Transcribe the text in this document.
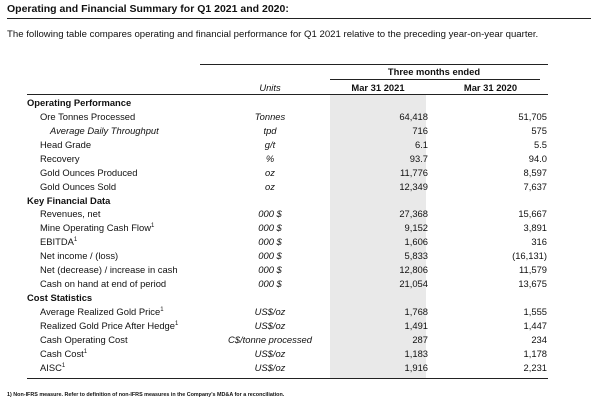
Operating and Financial Summary for Q1 2021 and 2020:
The following table compares operating and financial performance for Q1 2021 relative to the preceding year-on-year quarter.
Three months ended
Units	Mar 31 2021	Mar 31 2020
Operating Performance			
Ore Tonnes Processed	Tonnes	64,418	51,705
Average Daily Throughput	tpd	716	575
Head Grade	g/t	6.1	5.5
Recovery	%	93.7	94.0
Gold Ounces Produced	oz	11,776	8,597
Gold Ounces Sold	oz	12,349	7,637
Key Financial Data			
Revenues, net	000 $	27,368	15,667
Mine Operating Cash Flow$^1$	000 $	9,152	3,891
EBITDA$^1$	000 $	1,606	316
Net income / (loss)	000 $	5,833	(16,131)
Net (decrease) / increase in cash	000 $	12,806	11,579
Cash on hand at end of period	000 $	21,054	13,675
Cost Statistics			
Average Realized Gold Price$^1$	US$/oz	1,768	1,555
Realized Gold Price After Hedge$^1$	US$/oz	1,491	1,447
Cash Operating Cost	C$/tonne processed	287	234
Cash Cost$^1$	US$/oz	1,183	1,178
AISC$^1$	US$/oz	1,916	2,231
1) Non-IFRS measure. Refer to definition of non-IFRS measures in the Company's MD&A for a reconciliation.
